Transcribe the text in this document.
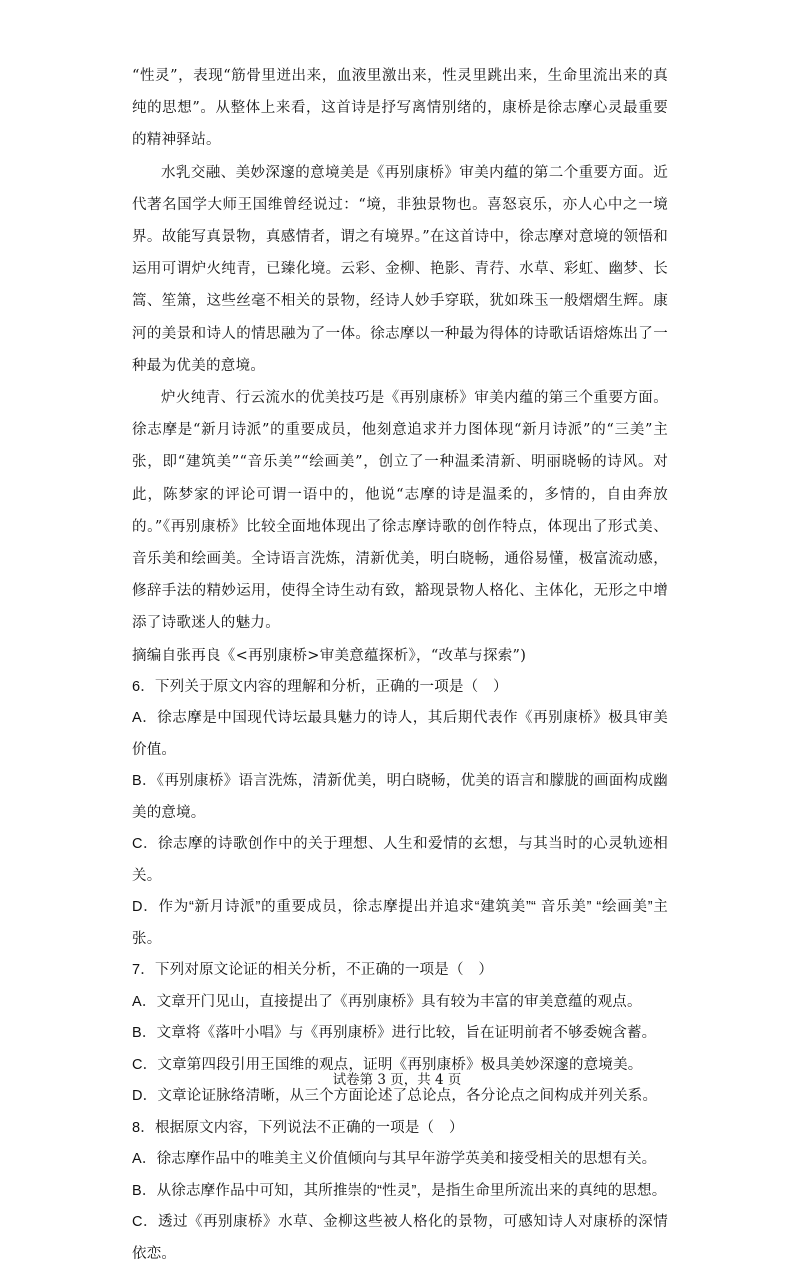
“性灵”，表现“筋骨里迸出来，血液里激出来，性灵里跳出来，生命里流出来的真纯的思想”。从整体上来看，这首诗是抒写离情别绪的，康桥是徐志摩心灵最重要的精神驿站。

水乳交融、美妙深邃的意境美是《再别康桥》审美内蕴的第二个重要方面。近代著名国学大师王国维曾经说过：“境，非独景物也。喜怒哀乐，亦人心中之一境界。故能写真景物，真感情者，谓之有境界。”在这首诗中，徐志摩对意境的领悟和运用可谓炉火纯青，已臻化境。云彩、金柳、艳影、青荇、水草、彩虹、幽梦、长篙、笙箫，这些丝毫不相关的景物，经诗人妙手穿联，犹如珠玉一般熠熠生辉。康河的美景和诗人的情思融为了一体。徐志摩以一种最为得体的诗歌话语熔炼出了一种最为优美的意境。

炉火纯青、行云流水的优美技巧是《再别康桥》审美内蕴的第三个重要方面。徐志摩是“新月诗派”的重要成员，他刻意追求并力图体现“新月诗派”的“三美”主张，即“建筑美”“音乐美”“绘画美”，创立了一种温柔清新、明丽晓畅的诗风。对此，陈梦家的评论可谓一语中的，他说“志摩的诗是温柔的，多情的，自由奔放的。”《再别康桥》比较全面地体现出了徐志摩诗歌的创作特点，体现出了形式美、音乐美和绘画美。全诗语言洗炼，清新优美，明白晓畅，通俗易懂，极富流动感，修辞手法的精妙运用，使得全诗生动有致，豁现景物人格化、主体化，无形之中增添了诗歌迷人的魅力。

摘编自张再良《<再别康桥>审美意蕴探析》，“改革与探索”)

6．下列关于原文内容的理解和分析，正确的一项是（　）

A．徐志摩是中国现代诗坛最具魅力的诗人，其后期代表作《再别康桥》极具审美价值。

B．《再别康桥》语言洗炼，清新优美，明白晓畅，优美的语言和朦胧的画面构成幽美的意境。

C．徐志摩的诗歌创作中的关于理想、人生和爱情的玄想，与其当时的心灵轨迹相关。

D．作为“新月诗派”的重要成员，徐志摩提出并追求“建筑美”“ 音乐美” “绘画美”主张。

7．下列对原文论证的相关分析，不正确的一项是（　）

A．文章开门见山，直接提出了《再别康桥》具有较为丰富的审美意蕴的观点。

B．文章将《落叶小唱》与《再别康桥》进行比较，旨在证明前者不够委婉含蓄。

C．文章第四段引用王国维的观点，证明《再别康桥》极具美妙深邃的意境美。

D．文章论证脉络清晰，从三个方面论述了总论点，各分论点之间构成并列关系。

8．根据原文内容，下列说法不正确的一项是（　）

A．徐志摩作品中的唯美主义价值倾向与其早年游学英美和接受相关的思想有关。

B．从徐志摩作品中可知，其所推崇的“性灵”，是指生命里所流出来的真纯的思想。

C．透过《再别康桥》水草、金柳这些被人格化的景物，可感知诗人对康桥的深情依恋。

试卷第 3 页，共 4 页
